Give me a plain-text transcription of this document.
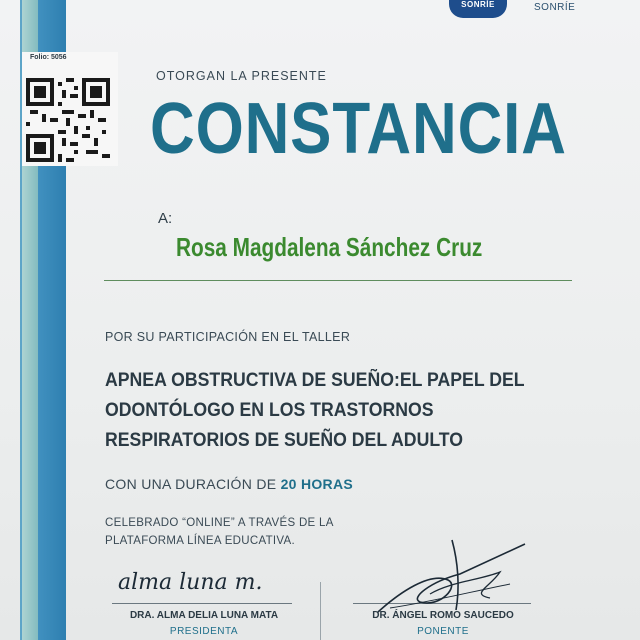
SONRÍE	SONRÍE
Folio: 5056
OTORGAN LA PRESENTE
CONSTANCIA
A:
Rosa Magdalena Sánchez Cruz
POR SU PARTICIPACIÓN EN EL TALLER
APNEA OBSTRUCTIVA DE SUEÑO:EL PAPEL DEL
ODONTÓLOGO EN LOS TRASTORNOS
RESPIRATORIOS DE SUEÑO DEL ADULTO
CON UNA DURACIÓN DE 20 HORAS
CELEBRADO “ONLINE” A TRAVÉS DE LA
PLATAFORMA LÍNEA EDUCATIVA.
alma luna m.
DRA. ALMA DELIA LUNA MATA
PRESIDENTA
DR. ÁNGEL ROMO SAUCEDO
PONENTE
